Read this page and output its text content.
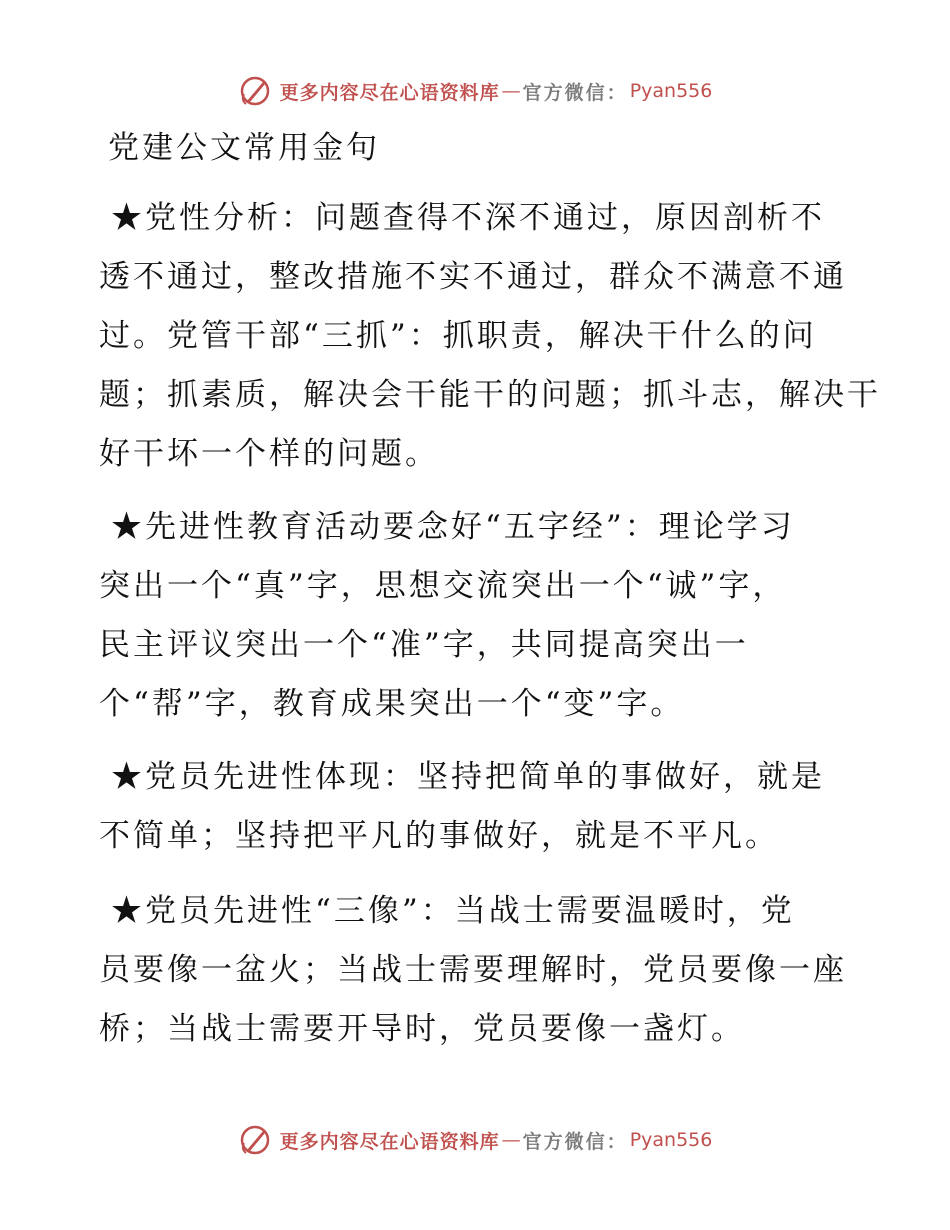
更多内容尽在心语资料库 — 官方微信： Pyan556
党建公文常用金句
★党性分析：问题查得不深不通过，原因剖析不
透不通过，整改措施不实不通过，群众不满意不通
过。党管干部“三抓”：抓职责，解决干什么的问
题；抓素质，解决会干能干的问题；抓斗志，解决干
好干坏一个样的问题。
★先进性教育活动要念好“五字经”：理论学习
突出一个“真”字，思想交流突出一个“诚”字，
民主评议突出一个“准”字，共同提高突出一
个“帮”字，教育成果突出一个“变”字。
★党员先进性体现：坚持把简单的事做好，就是
不简单；坚持把平凡的事做好，就是不平凡。
★党员先进性“三像”：当战士需要温暖时，党
员要像一盆火；当战士需要理解时，党员要像一座
桥；当战士需要开导时，党员要像一盏灯。
更多内容尽在心语资料库 — 官方微信： Pyan556
